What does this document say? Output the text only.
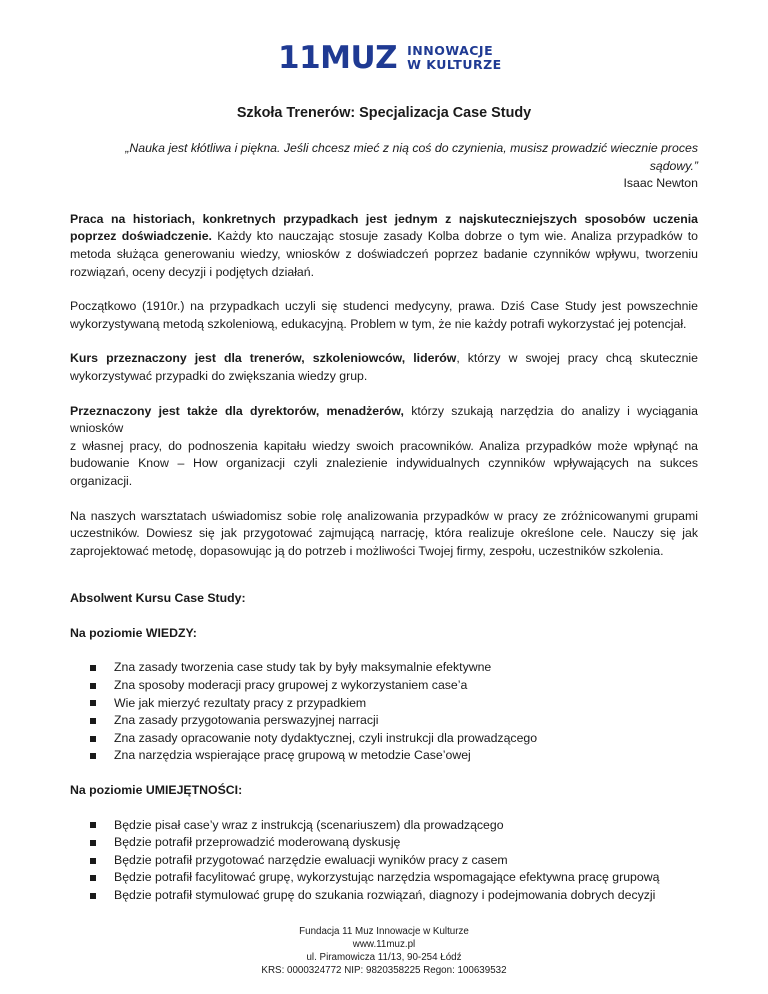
11MUZ INNOWACJE
W KULTURZE
Szkoła Trenerów: Specjalizacja Case Study
„Nauka jest kłótliwa i piękna. Jeśli chcesz mieć z nią coś do czynienia, musisz prowadzić wiecznie proces
sądowy.”
Isaac Newton

Praca na historiach, konkretnych przypadkach jest jednym z najskuteczniejszych sposobów uczenia poprzez doświadczenie. Każdy kto nauczając stosuje zasady Kolba dobrze o tym wie. Analiza przypadków to metoda służąca generowaniu wiedzy, wniosków z doświadczeń poprzez badanie czynników wpływu, tworzeniu rozwiązań, oceny decyzji i podjętych działań.

Początkowo (1910r.) na przypadkach uczyli się studenci medycyny, prawa. Dziś Case Study jest powszechnie wykorzystywaną metodą szkoleniową, edukacyjną. Problem w tym, że nie każdy potrafi wykorzystać jej potencjał.

Kurs przeznaczony jest dla trenerów, szkoleniowców, liderów, którzy w swojej pracy chcą skutecznie wykorzystywać przypadki do zwiększania wiedzy grup.

Przeznaczony jest także dla dyrektorów, menadżerów, którzy szukają narzędzia do analizy i wyciągania wniosków
z własnej pracy, do podnoszenia kapitału wiedzy swoich pracowników. Analiza przypadków może wpłynąć na budowanie Know – How organizacji czyli znalezienie indywidualnych czynników wpływających na sukces organizacji.

Na naszych warsztatach uświadomisz sobie rolę analizowania przypadków w pracy ze zróżnicowanymi grupami uczestników. Dowiesz się jak przygotować zajmującą narrację, która realizuje określone cele. Nauczy się jak zaprojektować metodę, dopasowując ją do potrzeb i możliwości Twojej firmy, zespołu, uczestników szkolenia.

Absolwent Kursu Case Study:
Na poziomie WIEDZY:
Zna zasady tworzenia case study tak by były maksymalnie efektywne
Zna sposoby moderacji pracy grupowej z wykorzystaniem case’a
Wie jak mierzyć rezultaty pracy z przypadkiem
Zna zasady przygotowania perswazyjnej narracji
Zna zasady opracowanie noty dydaktycznej, czyli instrukcji dla prowadzącego
Zna narzędzia wspierające pracę grupową w metodzie Case’owej
Na poziomie UMIEJĘTNOŚCI:
Będzie pisał case’y wraz z instrukcją (scenariuszem) dla prowadzącego
Będzie potrafił przeprowadzić moderowaną dyskusję
Będzie potrafił przygotować narzędzie ewaluacji wyników pracy z casem
Będzie potrafił facylitować grupę, wykorzystując narzędzia wspomagające efektywna pracę grupową
Będzie potrafił stymulować grupę do szukania rozwiązań, diagnozy i podejmowania dobrych decyzji
Fundacja 11 Muz Innowacje w Kulturze
www.11muz.pl
ul. Piramowicza 11/13, 90-254 Łódź
KRS: 0000324772 NIP: 9820358225 Regon: 100639532
